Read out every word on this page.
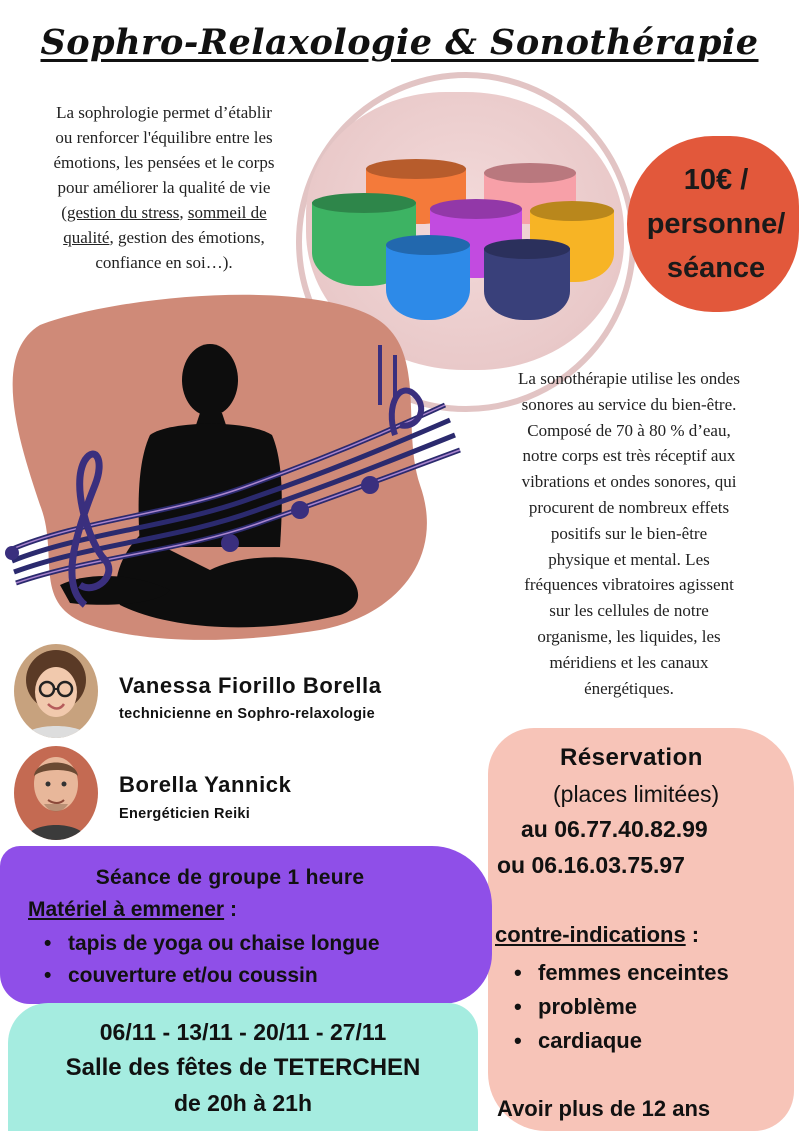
Sophro-Relaxologie & Sonothérapie
La sophrologie permet d’établir
ou renforcer l'équilibre entre les
émotions, les pensées et le corps
pour améliorer la qualité de vie
(gestion du stress, sommeil de
qualité, gestion des émotions,
confiance en soi…).
10€ /
personne/
séance
La sonothérapie utilise les ondes
sonores au service du bien-être.
Composé de 70 à 80 % d’eau,
notre corps est très réceptif aux
vibrations et ondes sonores, qui
procurent de nombreux effets
positifs sur le bien-être
physique et mental. Les
fréquences vibratoires agissent
sur les cellules de notre
organisme, les liquides, les
méridiens et les canaux
énergétiques.
Vanessa Fiorillo Borella
technicienne en Sophro-relaxologie
Borella Yannick
Energéticien Reiki
Réservation
(places limitées)
au 06.77.40.82.99
ou 06.16.03.75.97
contre-indications :
• femmes enceintes
• problème
• cardiaque
Avoir plus de 12 ans
Séance de groupe 1 heure
Matériel à emmener :
• tapis de yoga ou chaise longue
• couverture et/ou coussin
06/11 - 13/11 - 20/11 - 27/11
Salle des fêtes de TETERCHEN
de 20h à 21h
